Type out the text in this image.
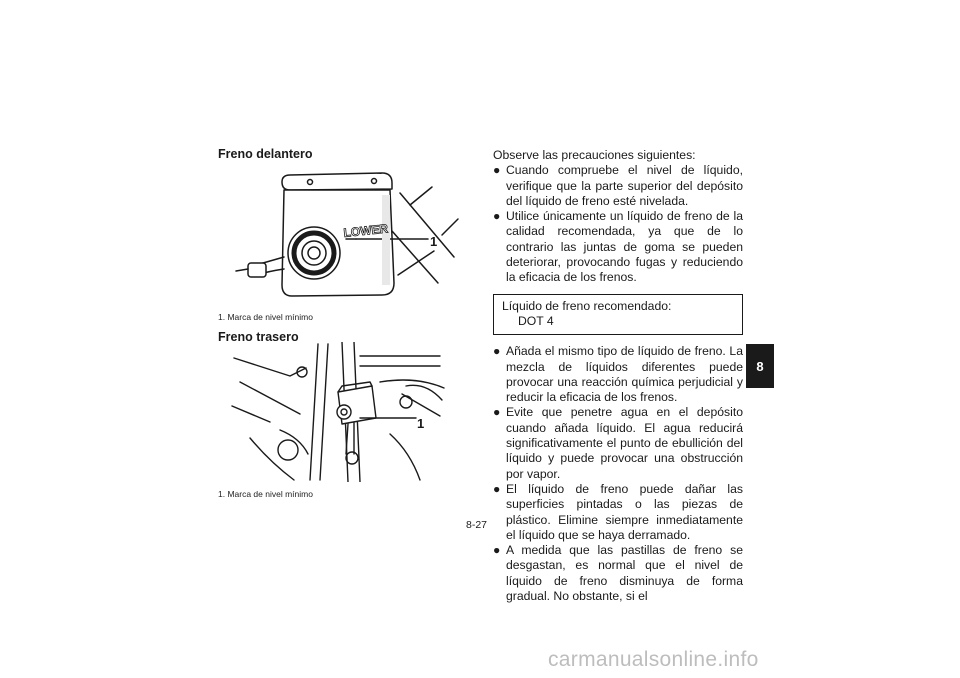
Freno delantero
LOWER
1
1. Marca de nivel mínimo
Freno trasero
1
1. Marca de nivel mínimo

Observe las precauciones siguientes:

● Cuando compruebe el nivel de líquido, verifique que la parte superior del depósito del líquido de freno esté nivelada.

● Utilice únicamente un líquido de freno de la calidad recomendada, ya que de lo contrario las juntas de goma se pueden deteriorar, provocando fugas y reduciendo la eficacia de los frenos.

Líquido de freno recomendado:
DOT 4

● Añada el mismo tipo de líquido de freno. La mezcla de líquidos diferentes puede provocar una reacción química perjudicial y reducir la eficacia de los frenos.

● Evite que penetre agua en el depósito cuando añada líquido. El agua reducirá significativamente el punto de ebullición del líquido y puede provocar una obstrucción por vapor.

● El líquido de freno puede dañar las superficies pintadas o las piezas de plástico. Elimine siempre inmediatamente el líquido que se haya derramado.

● A medida que las pastillas de freno se desgastan, es normal que el nivel de líquido de freno disminuya de forma gradual. No obstante, si el

8-27
8
carmanualsonline.info
